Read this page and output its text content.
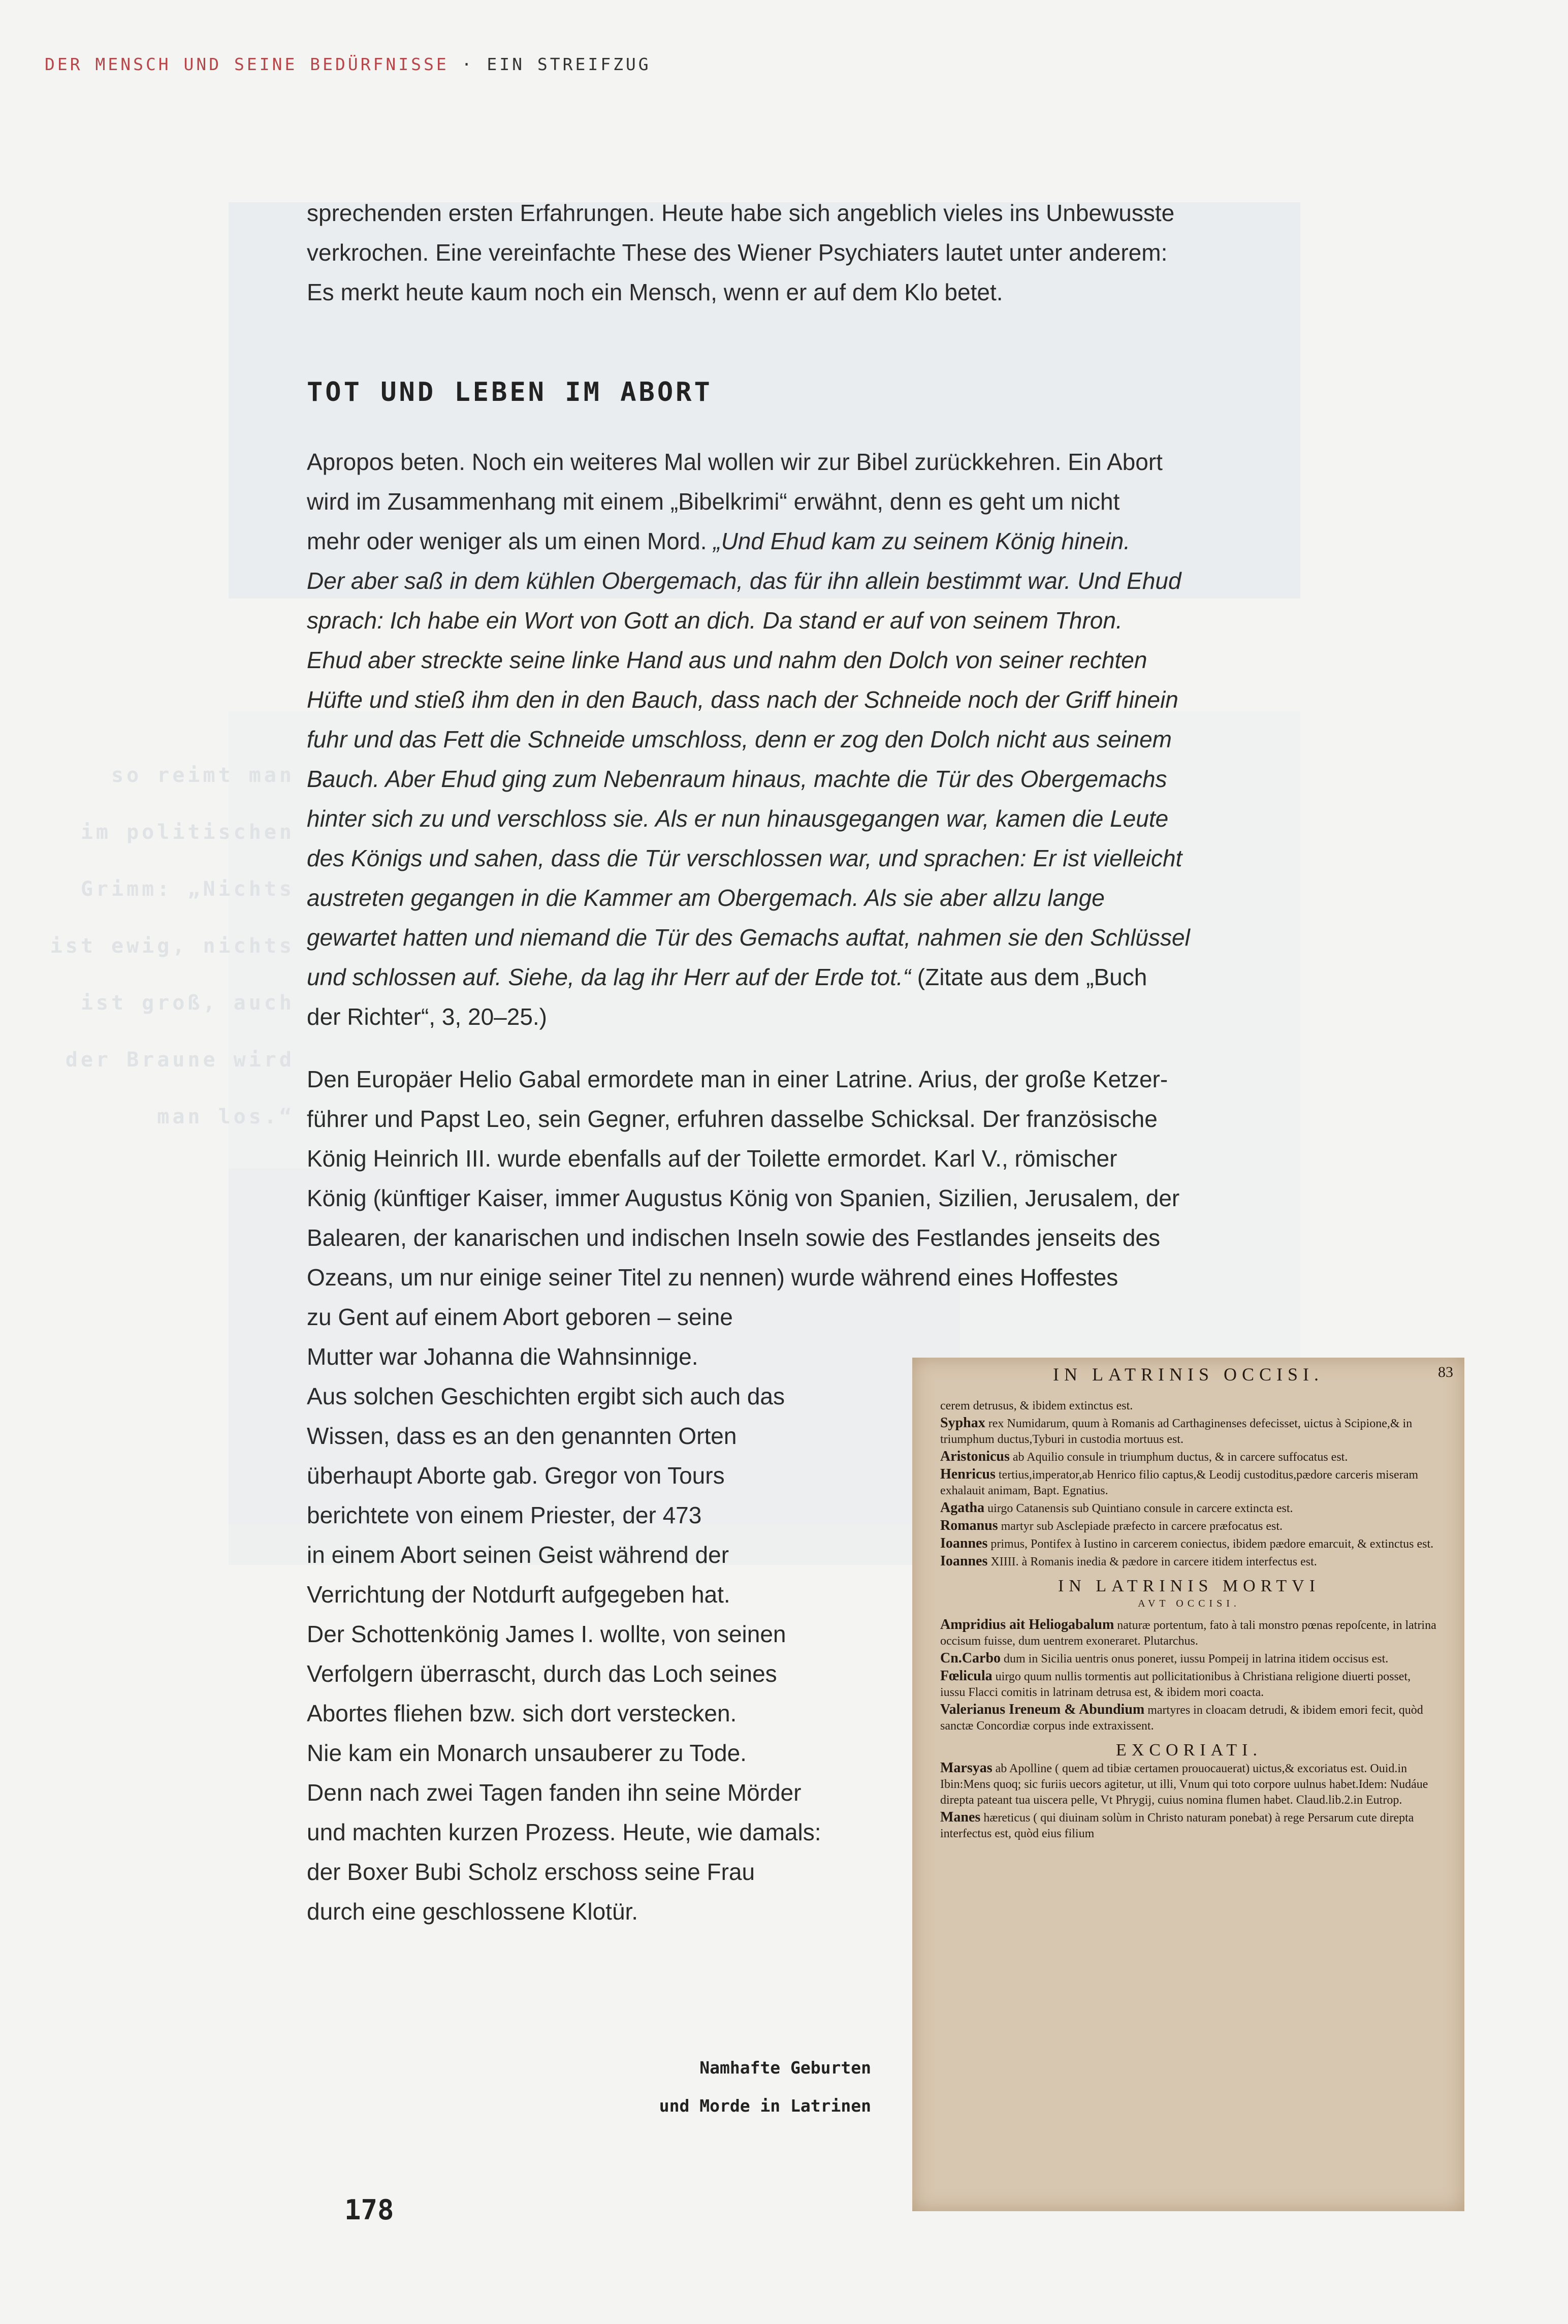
so reimt man
im politischen
Grimm: „Nichts
ist ewig, nichts
ist groß, auch
der Braune wird
man los.“
DER MENSCH UND SEINE BEDÜRFNISSE · EIN STREIFZUG
sprechenden ersten Erfahrungen. Heute habe sich angeblich vieles ins Unbewusste
verkrochen. Eine vereinfachte These des Wiener Psychiaters lautet unter anderem:
Es merkt heute kaum noch ein Mensch, wenn er auf dem Klo betet.
TOT UND LEBEN IM ABORT
Apropos beten. Noch ein weiteres Mal wollen wir zur Bibel zurückkehren. Ein Abort
wird im Zusammenhang mit einem „Bibelkrimi“ erwähnt, denn es geht um nicht
mehr oder weniger als um einen Mord. „Und Ehud kam zu seinem König hinein.
Der aber saß in dem kühlen Obergemach, das für ihn allein bestimmt war. Und Ehud
sprach: Ich habe ein Wort von Gott an dich. Da stand er auf von seinem Thron.
Ehud aber streckte seine linke Hand aus und nahm den Dolch von seiner rechten
Hüfte und stieß ihm den in den Bauch, dass nach der Schneide noch der Griff hinein
fuhr und das Fett die Schneide umschloss, denn er zog den Dolch nicht aus seinem
Bauch. Aber Ehud ging zum Nebenraum hinaus, machte die Tür des Obergemachs
hinter sich zu und verschloss sie. Als er nun hinausgegangen war, kamen die Leute
des Königs und sahen, dass die Tür verschlossen war, und sprachen: Er ist vielleicht
austreten gegangen in die Kammer am Obergemach. Als sie aber allzu lange
gewartet hatten und niemand die Tür des Gemachs auftat, nahmen sie den Schlüssel
und schlossen auf. Siehe, da lag ihr Herr auf der Erde tot.“ (Zitate aus dem „Buch
der Richter“, 3, 20–25.)
Den Europäer Helio Gabal ermordete man in einer Latrine. Arius, der große Ketzer-
führer und Papst Leo, sein Gegner, erfuhren dasselbe Schicksal. Der französische
König Heinrich III. wurde ebenfalls auf der Toilette ermordet. Karl V., römischer
König (künftiger Kaiser, immer Augustus König von Spanien, Sizilien, Jerusalem, der
Balearen, der kanarischen und indischen Inseln sowie des Festlandes jenseits des
Ozeans, um nur einige seiner Titel zu nennen) wurde während eines Hoffestes
zu Gent auf einem Abort geboren – seine
Mutter war Johanna die Wahnsinnige.
Aus solchen Geschichten ergibt sich auch das
Wissen, dass es an den genannten Orten
überhaupt Aborte gab. Gregor von Tours
berichtete von einem Priester, der 473
in einem Abort seinen Geist während der
Verrichtung der Notdurft aufgegeben hat.
Der Schottenkönig James I. wollte, von seinen
Verfolgern überrascht, durch das Loch seines
Abortes fliehen bzw. sich dort verstecken.
Nie kam ein Monarch unsauberer zu Tode.
Denn nach zwei Tagen fanden ihn seine Mörder
und machten kurzen Prozess. Heute, wie damals:
der Boxer Bubi Scholz erschoss seine Frau
durch eine geschlossene Klotür.
IN LATRINIS OCCISI.	83

cerem detrusus, & ibidem extinctus est.

Syphax rex Numidarum, quum à Romanis ad Carthaginenses defecisset, uictus à Scipione,& in triumphum ductus,Tyburi in custodia mortuus est.

Aristonicus ab Aquilio consule in triumphum ductus, & in carcere suffocatus est.

Henricus tertius,imperator,ab Henrico filio captus,& Leodij custoditus,pædore carceris miseram exhalauit animam, Bapt. Egnatius.

Agatha uirgo Catanensis sub Quintiano consule in carcere extincta est.

Romanus martyr sub Asclepiade præfecto in carcere præfocatus est.

Ioannes primus, Pontifex à Iustino in carcerem coniectus, ibidem pædore emarcuit, & extinctus est.

Ioannes XIIII. à Romanis inedia & pædore in carcere itidem interfectus est.

IN LATRINIS MORTVI
AVT OCCISI.

Ampridius ait Heliogabalum naturæ portentum, fato à tali monstro pœnas repoſcente, in latrina occisum fuisse, dum uentrem exoneraret. Plutarchus.

Cn.Carbo dum in Sicilia uentris onus poneret, iussu Pompeij in latrina itidem occisus est.

Fœlicula uirgo quum nullis tormentis aut pollicitationibus à Christiana religione diuerti posset, iussu Flacci comitis in latrinam detrusa est, & ibidem mori coacta.

Valerianus Ireneum & Abundium martyres in cloacam detrudi, & ibidem emori fecit, quòd sanctæ Concordiæ corpus inde extraxissent.

EXCORIATI.

Marsyas ab Apolline ( quem ad tibiæ certamen prouocauerat) uictus,& excoriatus est. Ouid.in Ibin:Mens quoq; sic furiis uecors agitetur, ut illi, Vnum qui toto corpore uulnus habet.Idem: Nudáue direpta pateant tua uiscera pelle, Vt Phrygij, cuius nomina flumen habet. Claud.lib.2.in Eutrop.

Manes hæreticus ( qui diuinam solùm in Christo naturam ponebat) à rege Persarum cute direpta interfectus est, quòd eius filium

Namhafte Geburten
und Morde in Latrinen
178
